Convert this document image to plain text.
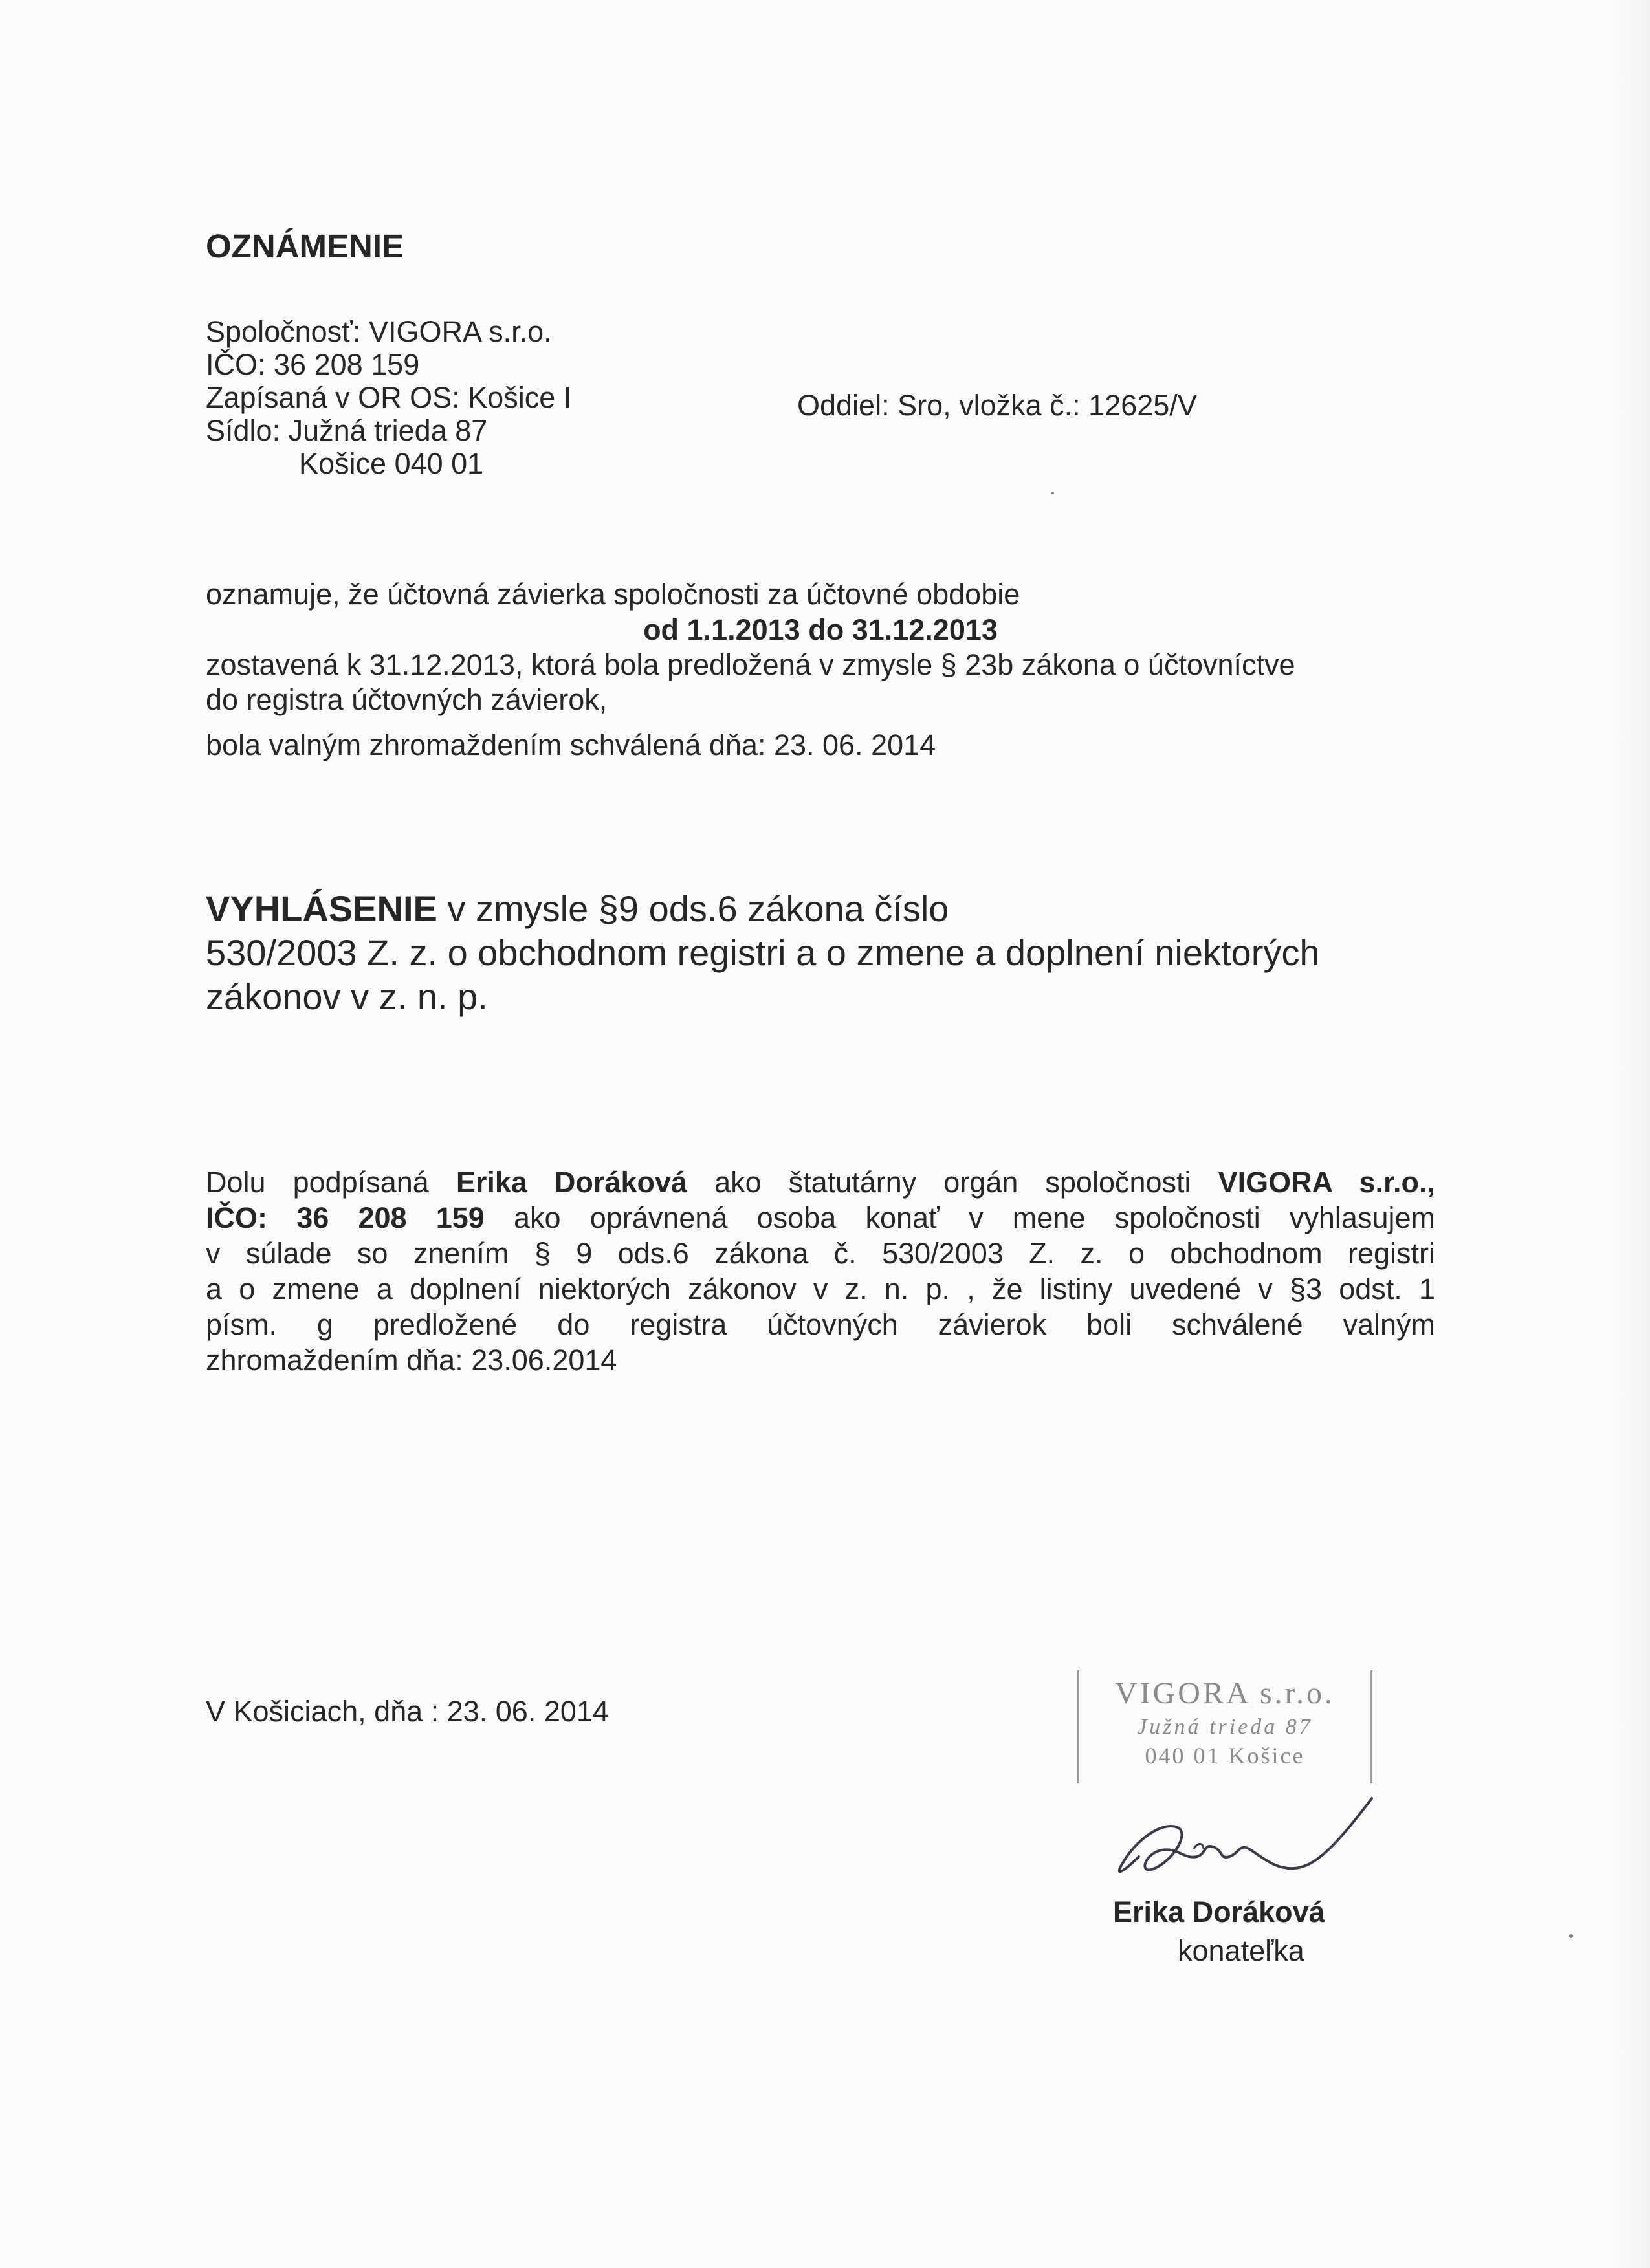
OZNÁMENIE
Spoločnosť: VIGORA s.r.o.
IČO: 36 208 159
Zapísaná v OR OS: Košice I	Oddiel: Sro, vložka č.: 12625/V
Sídlo: Južná trieda 87
Košice 040 01
oznamuje, že účtovná závierka spoločnosti za účtovné obdobie
od 1.1.2013 do 31.12.2013
zostavená k 31.12.2013, ktorá bola predložená v zmysle § 23b zákona o účtovníctve
do registra účtovných závierok,
bola valným zhromaždením schválená dňa: 23. 06. 2014
VYHLÁSENIE v zmysle §9 ods.6 zákona číslo
530/2003 Z. z. o obchodnom registri a o zmene a doplnení niektorých
zákonov v z. n. p.
Dolu podpísaná Erika Doráková ako štatutárny orgán spoločnosti VIGORA s.r.o.,
IČO: 36 208 159 ako oprávnená osoba konať v mene spoločnosti vyhlasujem
v súlade so znením § 9 ods.6 zákona č. 530/2003 Z. z. o obchodnom registri
a o zmene a doplnení niektorých zákonov v z. n. p. , že listiny uvedené v §3 odst. 1
písm. g predložené do registra účtovných závierok boli schválené valným
zhromaždením dňa: 23.06.2014
V Košiciach, dňa : 23. 06. 2014
VIGORA s.r.o.
Južná trieda 87
040 01 Košice
Erika Doráková
konateľka
